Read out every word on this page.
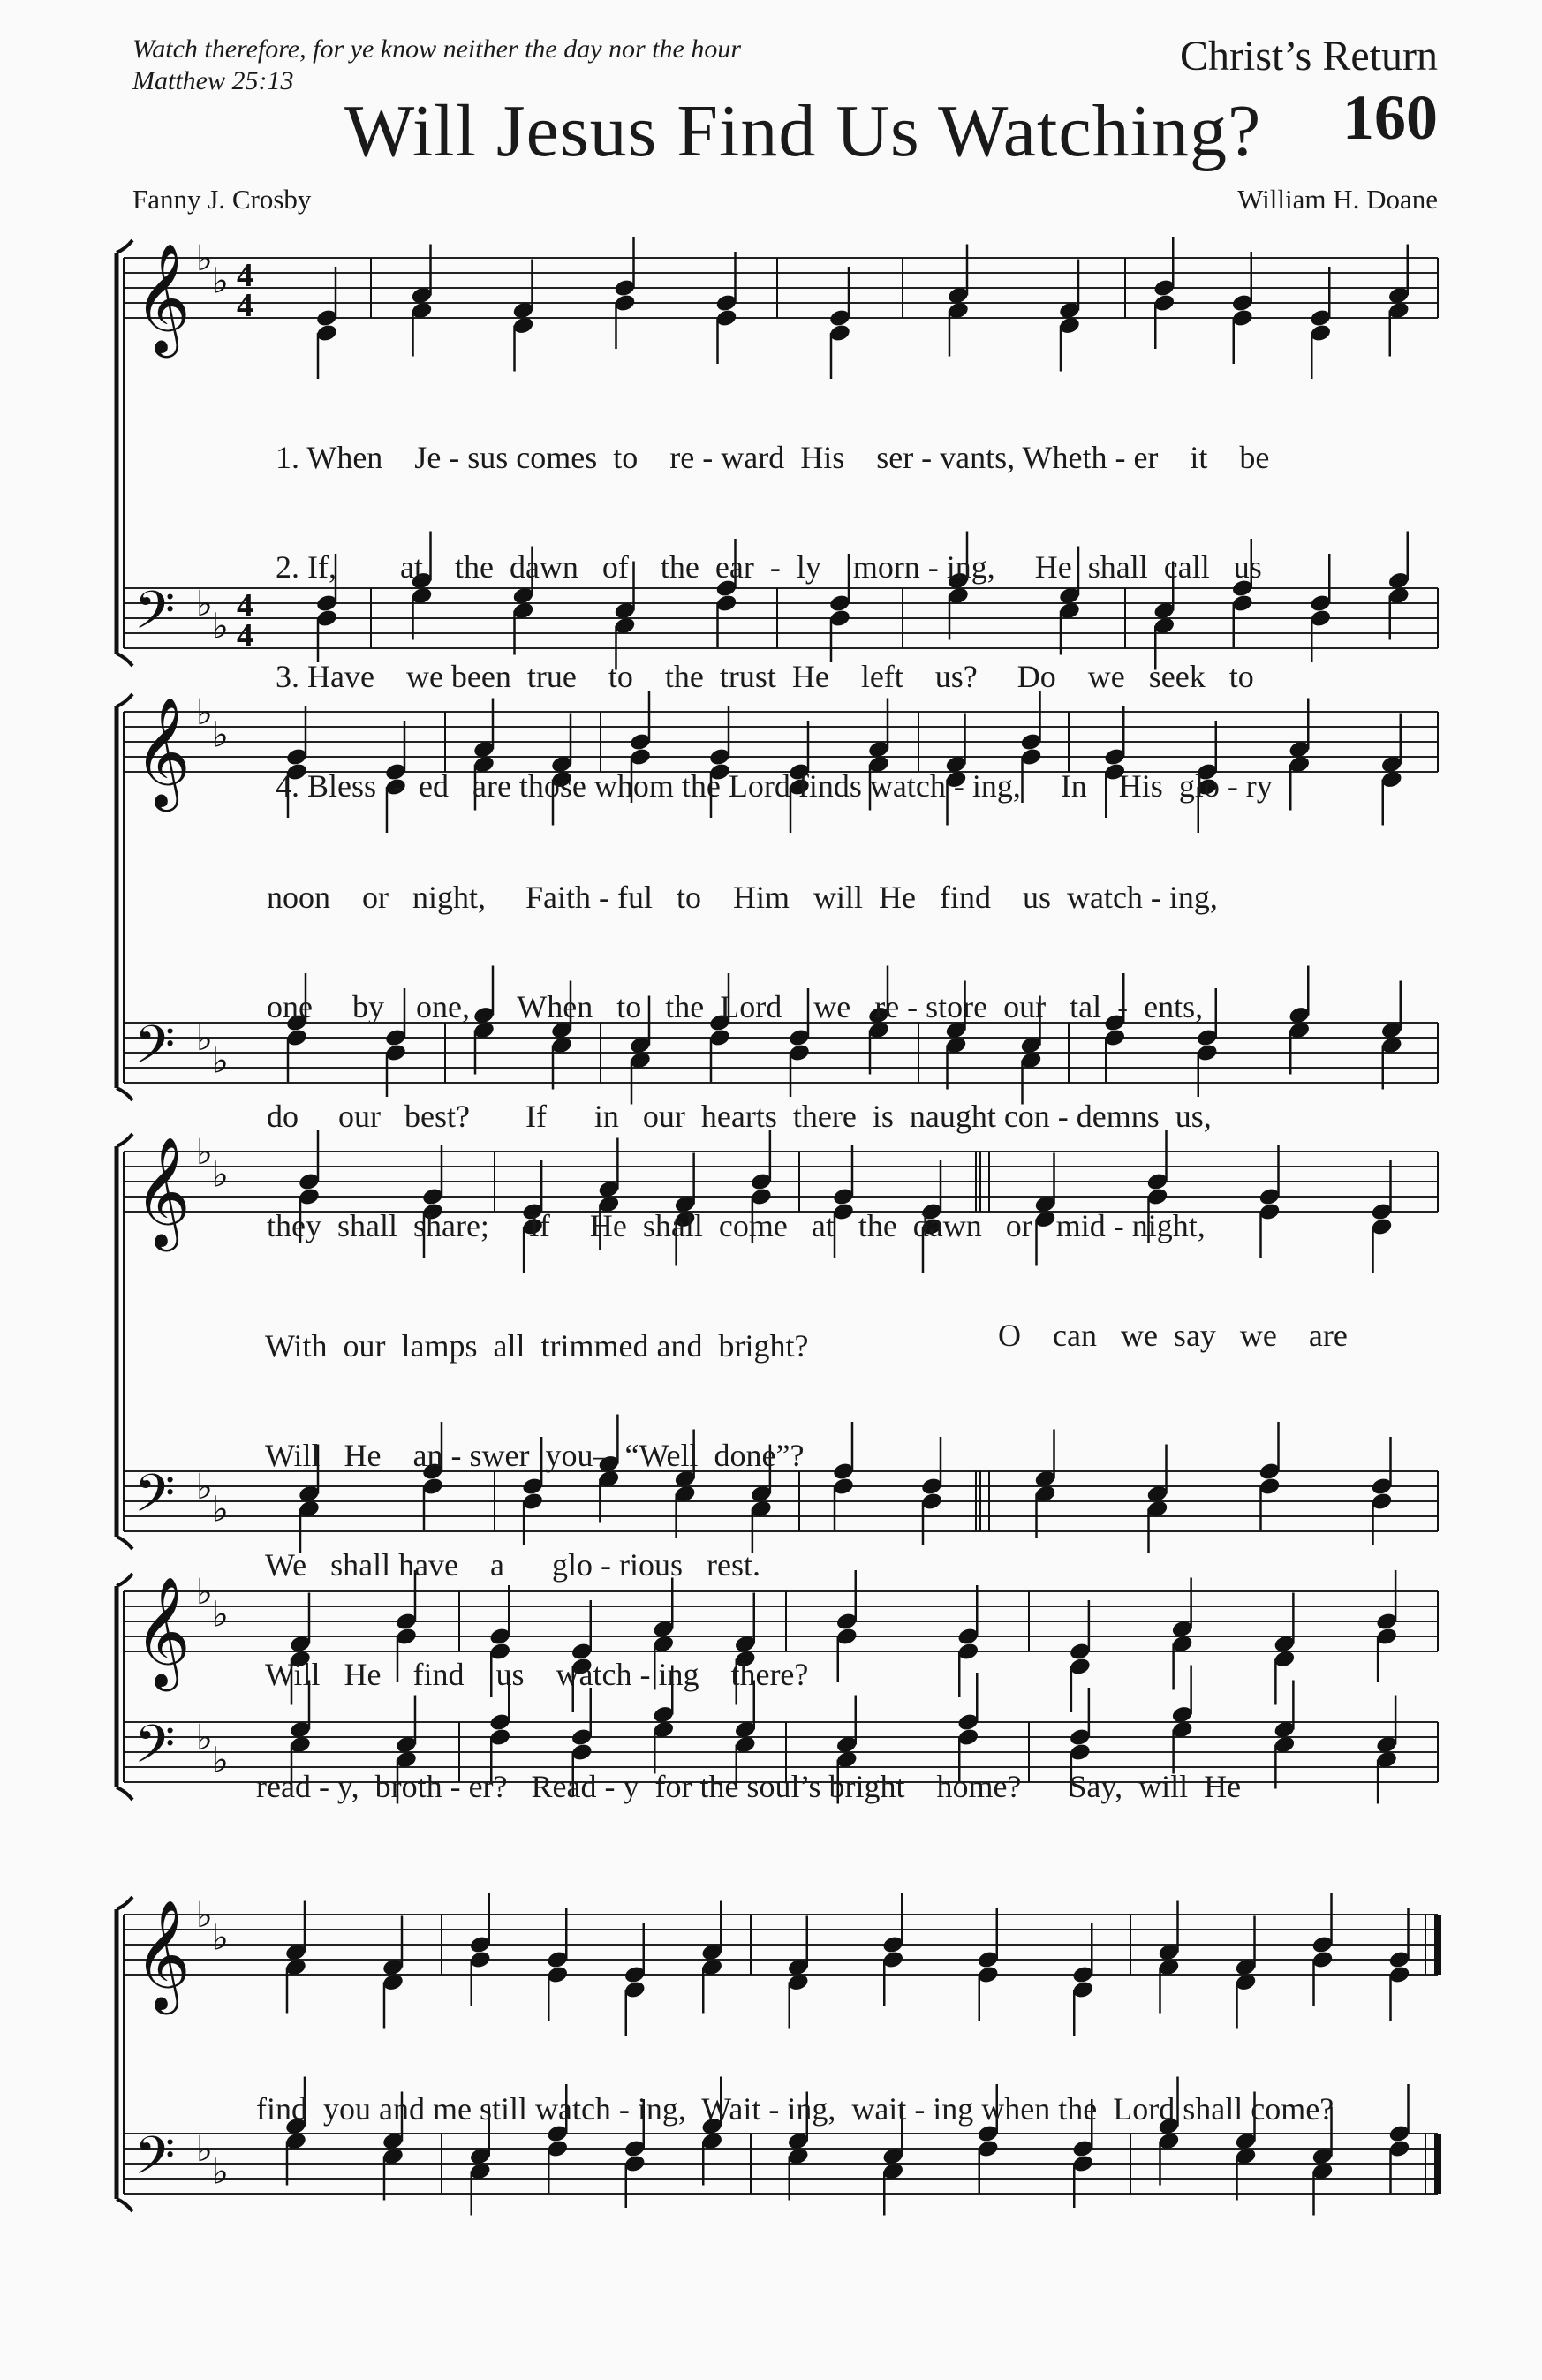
Watch therefore, for ye know neither the day nor the hour
Matthew 25:13
Christ’s Return
160
Will Jesus Find Us Watching?
Fanny J. Crosby	William H. Doane
𝄞 ♭
♭ 4
4
𝄢 ♭
♭
4
4
𝄞 ♭
♭
𝄢 ♭
♭
𝄞 ♭
♭
𝄢 ♭
♭
𝄞 ♭
♭
𝄢 ♭
♭
𝄞 ♭
♭
𝄢 ♭
♭

1. When    Je - sus comes  to    re - ward  His    ser - vants, Wheth - er    it    be

2. If,        at    the  dawn   of    the  ear  -  ly    morn - ing,     He  shall  call   us

3. Have    we been  true    to    the  trust  He    left    us?     Do    we   seek   to

4. Bless  -  ed   are those whom the Lord finds watch - ing,     In    His  glo - ry

noon    or   night,     Faith - ful   to    Him   will  He   find    us  watch - ing,

one     by    one,      When   to   the  Lord    we   re - store  our   tal  -  ents,

do     our   best?       If      in   our  hearts  there  is  naught con - demns  us,

they  shall  share;     If     He  shall  come   at   the  dawn   or   mid - night,

With  our  lamps  all  trimmed and  bright?

Will   He    an - swer  you–  “Well  done”?

We   shall have    a      glo - rious   rest.

Will   He    find    us    watch - ing    there?

O    can   we  say   we    are

read - y,  broth - er?   Read - y  for the soul’s bright    home?      Say,  will  He

find  you and me still watch - ing,  Wait - ing,  wait - ing when the  Lord shall come?
